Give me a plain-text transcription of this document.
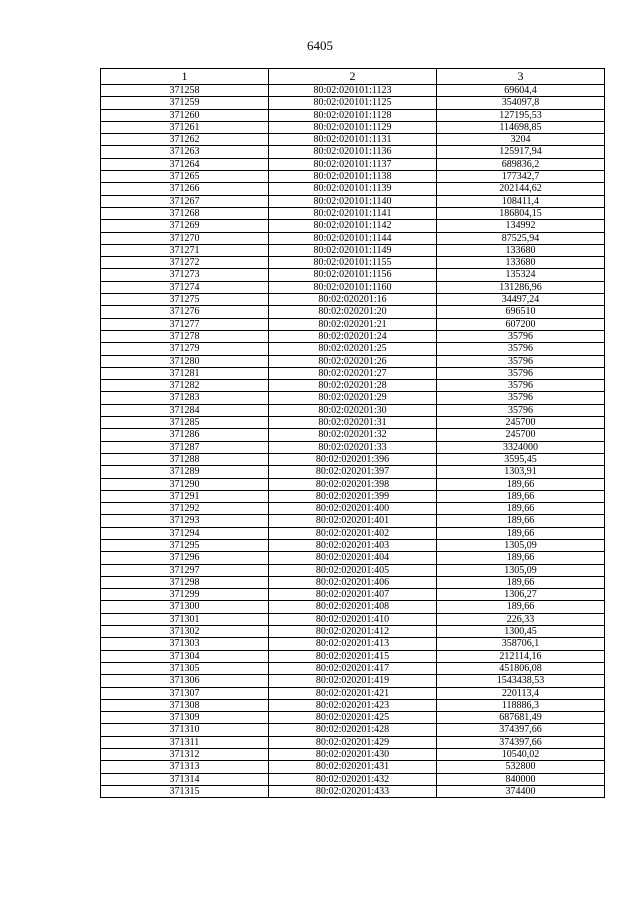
6405
1	2	3
371258	80:02:020101:1123	69604,4
371259	80:02:020101:1125	354097,8
371260	80:02:020101:1128	127195,53
371261	80:02:020101:1129	114698,85
371262	80:02:020101:1131	3204
371263	80:02:020101:1136	125917,94
371264	80:02:020101:1137	689836,2
371265	80:02:020101:1138	177342,7
371266	80:02:020101:1139	202144,62
371267	80:02:020101:1140	108411,4
371268	80:02:020101:1141	186804,15
371269	80:02:020101:1142	134992
371270	80:02:020101:1144	87525,94
371271	80:02:020101:1149	133680
371272	80:02:020101:1155	133680
371273	80:02:020101:1156	135324
371274	80:02:020101:1160	131286,96
371275	80:02:020201:16	34497,24
371276	80:02:020201:20	696510
371277	80:02:020201:21	607200
371278	80:02:020201:24	35796
371279	80:02:020201:25	35796
371280	80:02:020201:26	35796
371281	80:02:020201:27	35796
371282	80:02:020201:28	35796
371283	80:02:020201:29	35796
371284	80:02:020201:30	35796
371285	80:02:020201:31	245700
371286	80:02:020201:32	245700
371287	80:02:020201:33	3324000
371288	80:02:020201:396	3595,45
371289	80:02:020201:397	1303,91
371290	80:02:020201:398	189,66
371291	80:02:020201:399	189,66
371292	80:02:020201:400	189,66
371293	80:02:020201:401	189,66
371294	80:02:020201:402	189,66
371295	80:02:020201:403	1305,09
371296	80:02:020201:404	189,66
371297	80:02:020201:405	1305,09
371298	80:02:020201:406	189,66
371299	80:02:020201:407	1306,27
371300	80:02:020201:408	189,66
371301	80:02:020201:410	226,33
371302	80:02:020201:412	1300,45
371303	80:02:020201:413	358706,1
371304	80:02:020201:415	212114,16
371305	80:02:020201:417	451806,08
371306	80:02:020201:419	1543438,53
371307	80:02:020201:421	220113,4
371308	80:02:020201:423	118886,3
371309	80:02:020201:425	687681,49
371310	80:02:020201:428	374397,66
371311	80:02:020201:429	374397,66
371312	80:02:020201:430	10540,02
371313	80:02:020201:431	532800
371314	80:02:020201:432	840000
371315	80:02:020201:433	374400
